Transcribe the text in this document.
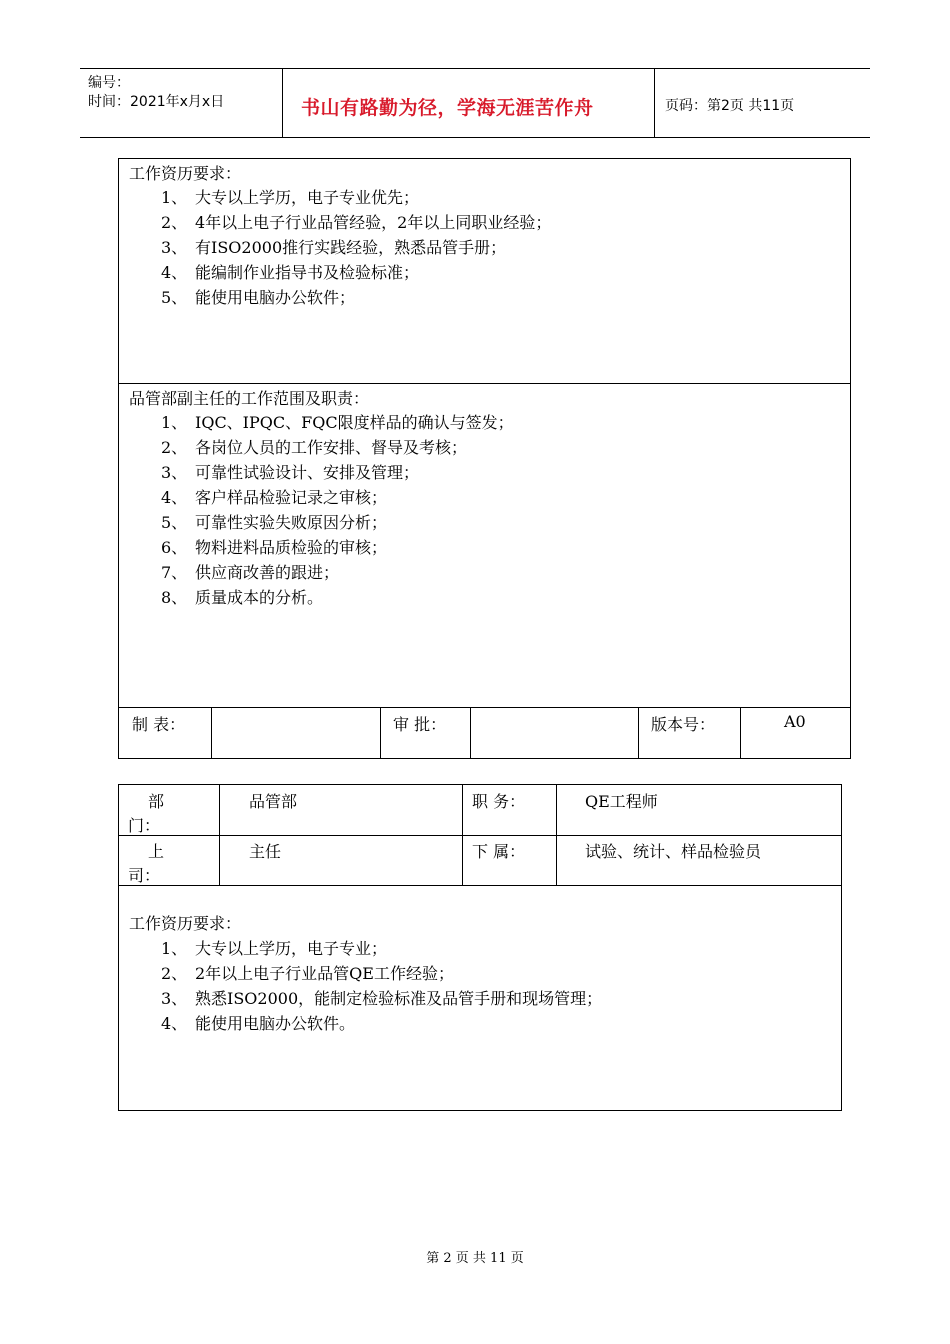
编号：
时间：2021年x月x日	书山有路勤为径，学海无涯苦作舟	页码：第2页 共11页
工作资历要求：
1、 大专以上学历，电子专业优先；
2、 4年以上电子行业品管经验，2年以上同职业经验；
3、 有ISO2000推行实践经验，熟悉品管手册；
4、 能编制作业指导书及检验标准；
5、 能使用电脑办公软件；
品管部副主任的工作范围及职责：
1、 IQC、IPQC、FQC限度样品的确认与签发；
2、 各岗位人员的工作安排、督导及考核；
3、 可靠性试验设计、安排及管理；
4、 客户样品检验记录之审核；
5、 可靠性实验失败原因分析；
6、 物料进料品质检验的审核；
7、 供应商改善的跟进；
8、 质量成本的分析。
制 表：	审 批：	版本号：	A0
部
门：
品管部	职 务：	QE工程师
上
司：
主任	下 属：	试验、统计、样品检验员
工作资历要求：
1、 大专以上学历，电子专业；
2、 2年以上电子行业品管QE工作经验；
3、 熟悉ISO2000，能制定检验标准及品管手册和现场管理；
4、 能使用电脑办公软件。
第 2 页 共 11 页
